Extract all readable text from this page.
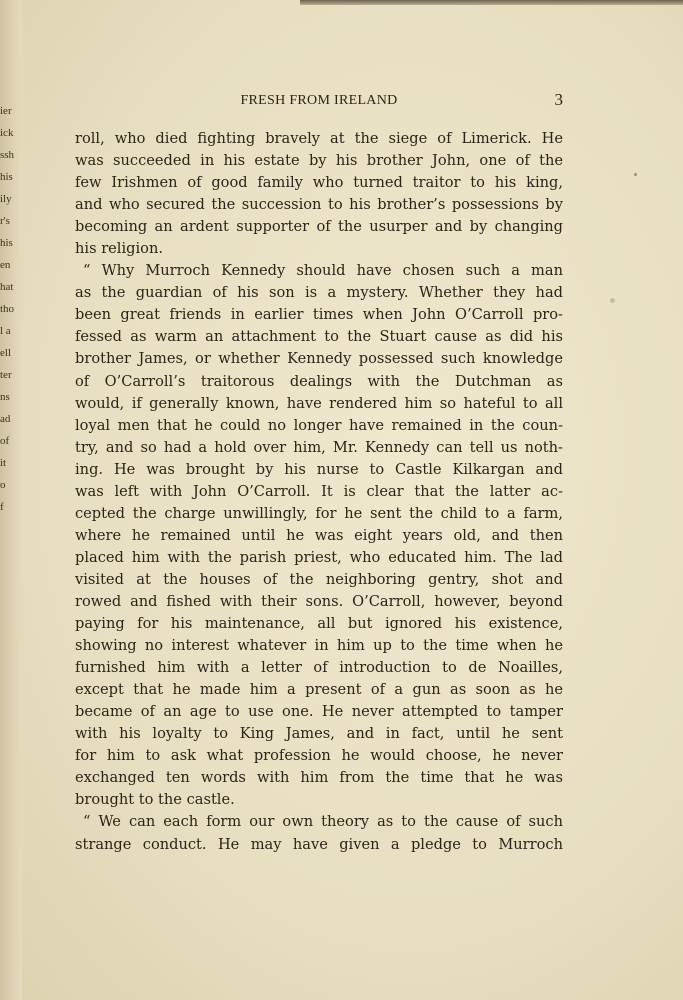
ier
ick
ssh
his
ily
r's
his
en
hat
tho
l a
ell
ter
ns
ad
of
it
o
f
FRESH FROM IRELAND	3
roll, who died fighting bravely at the siege of Limerick. He
was succeeded in his estate by his brother John, one of the
few Irishmen of good family who turned traitor to his king,
and who secured the succession to his brother’s possessions by
becoming an ardent supporter of the usurper and by changing
his religion.
“ Why Murroch Kennedy should have chosen such a man
as the guardian of his son is a mystery. Whether they had
been great friends in earlier times when John O’Carroll pro-
fessed as warm an attachment to the Stuart cause as did his
brother James, or whether Kennedy possessed such knowledge
of O’Carroll’s traitorous dealings with the Dutchman as
would, if generally known, have rendered him so hateful to all
loyal men that he could no longer have remained in the coun-
try, and so had a hold over him, Mr. Kennedy can tell us noth-
ing. He was brought by his nurse to Castle Kilkargan and
was left with John O’Carroll. It is clear that the latter ac-
cepted the charge unwillingly, for he sent the child to a farm,
where he remained until he was eight years old, and then
placed him with the parish priest, who educated him. The lad
visited at the houses of the neighboring gentry, shot and
rowed and fished with their sons. O’Carroll, however, beyond
paying for his maintenance, all but ignored his existence,
showing no interest whatever in him up to the time when he
furnished him with a letter of introduction to de Noailles,
except that he made him a present of a gun as soon as he
became of an age to use one. He never attempted to tamper
with his loyalty to King James, and in fact, until he sent
for him to ask what profession he would choose, he never
exchanged ten words with him from the time that he was
brought to the castle.
“ We can each form our own theory as to the cause of such
strange conduct. He may have given a pledge to Murroch
